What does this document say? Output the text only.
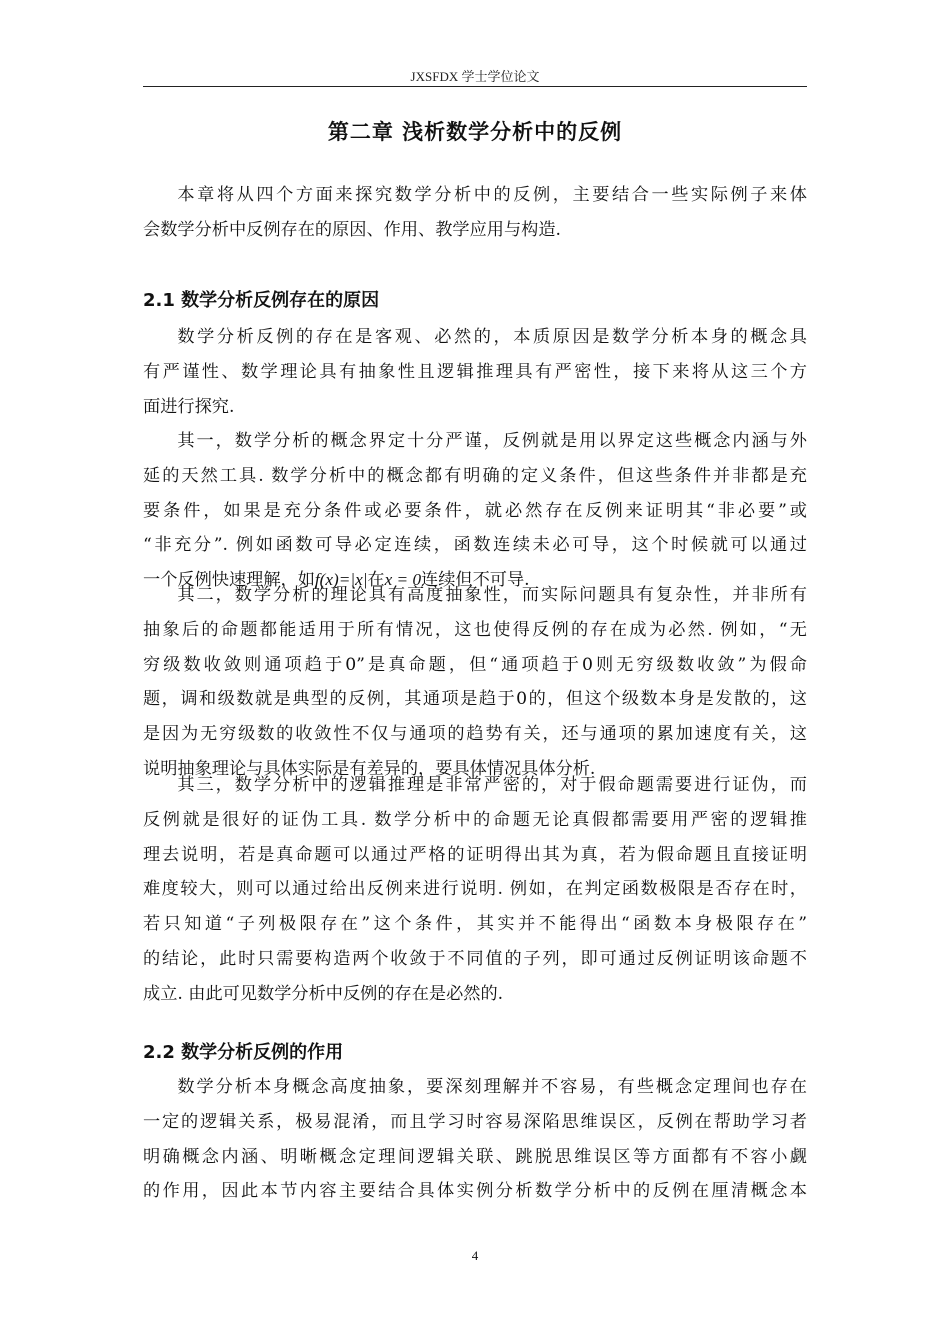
JXSFDX 学士学位论文
第二章 浅析数学分析中的反例
本章将从四个方面来探究数学分析中的反例，主要结合一些实际例子来体
会数学分析中反例存在的原因、作用、教学应用与构造.
2.1 数学分析反例存在的原因
数学分析反例的存在是客观、必然的，本质原因是数学分析本身的概念具
有严谨性、数学理论具有抽象性且逻辑推理具有严密性，接下来将从这三个方
面进行探究.
其一，数学分析的概念界定十分严谨，反例就是用以界定这些概念内涵与外
延的天然工具. 数学分析中的概念都有明确的定义条件，但这些条件并非都是充
要条件，如果是充分条件或必要条件，就必然存在反例来证明其“非必要”或
“非充分”. 例如函数可导必定连续，函数连续未必可导，这个时候就可以通过
一个反例快速理解，如f(x)=|x|在x = 0连续但不可导.
其二，数学分析的理论具有高度抽象性，而实际问题具有复杂性，并非所有
抽象后的命题都能适用于所有情况，这也使得反例的存在成为必然. 例如，“无
穷级数收敛则通项趋于0”是真命题，但“通项趋于0则无穷级数收敛”为假命
题，调和级数就是典型的反例，其通项是趋于0的，但这个级数本身是发散的，这
是因为无穷级数的收敛性不仅与通项的趋势有关，还与通项的累加速度有关，这
说明抽象理论与具体实际是有差异的，要具体情况具体分析.
其三，数学分析中的逻辑推理是非常严密的，对于假命题需要进行证伪，而
反例就是很好的证伪工具. 数学分析中的命题无论真假都需要用严密的逻辑推
理去说明，若是真命题可以通过严格的证明得出其为真，若为假命题且直接证明
难度较大，则可以通过给出反例来进行说明. 例如，在判定函数极限是否存在时，
若只知道“子列极限存在”这个条件，其实并不能得出“函数本身极限存在”
的结论，此时只需要构造两个收敛于不同值的子列，即可通过反例证明该命题不
成立. 由此可见数学分析中反例的存在是必然的.
2.2 数学分析反例的作用
数学分析本身概念高度抽象，要深刻理解并不容易，有些概念定理间也存在
一定的逻辑关系，极易混淆，而且学习时容易深陷思维误区，反例在帮助学习者
明确概念内涵、明晰概念定理间逻辑关联、跳脱思维误区等方面都有不容小觑
的作用，因此本节内容主要结合具体实例分析数学分析中的反例在厘清概念本
4
